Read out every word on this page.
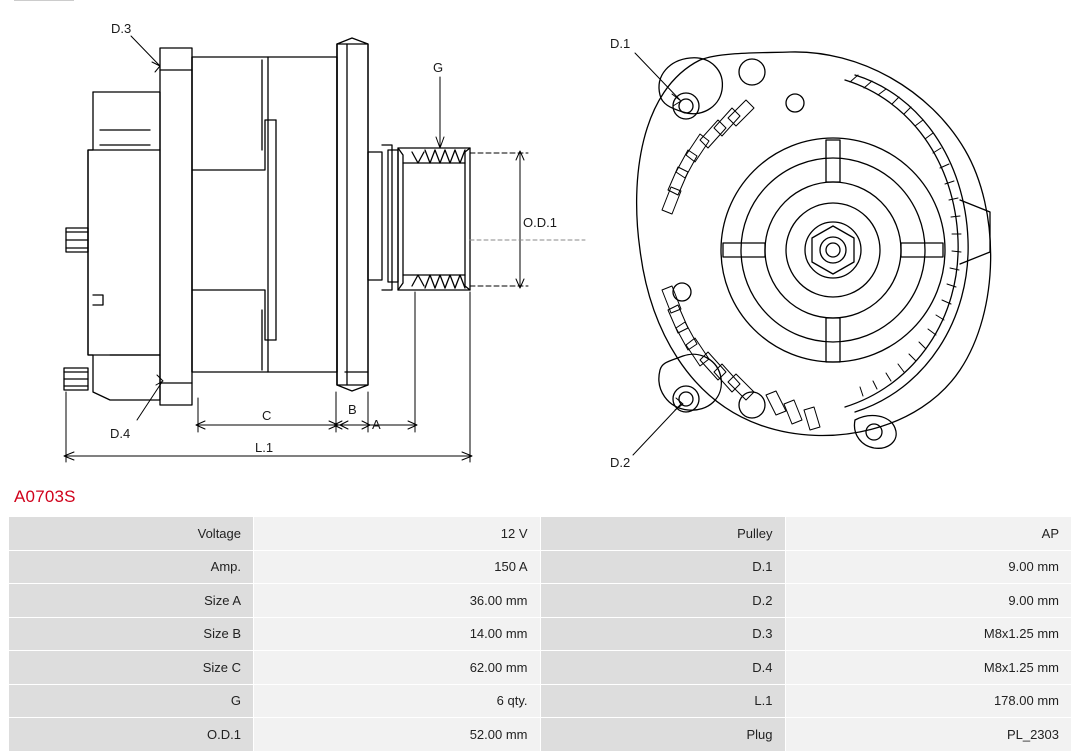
D.3
D.4
G
O.D.1
C	B
A
L.1
D.1
D.2
A0703S
Voltage	12 V	Pulley	AP
Amp.	150 A	D.1	9.00 mm
Size A	36.00 mm	D.2	9.00 mm
Size B	14.00 mm	D.3	M8x1.25 mm
Size C	62.00 mm	D.4	M8x1.25 mm
G	6 qty.	L.1	178.00 mm
O.D.1	52.00 mm	Plug	PL_2303
